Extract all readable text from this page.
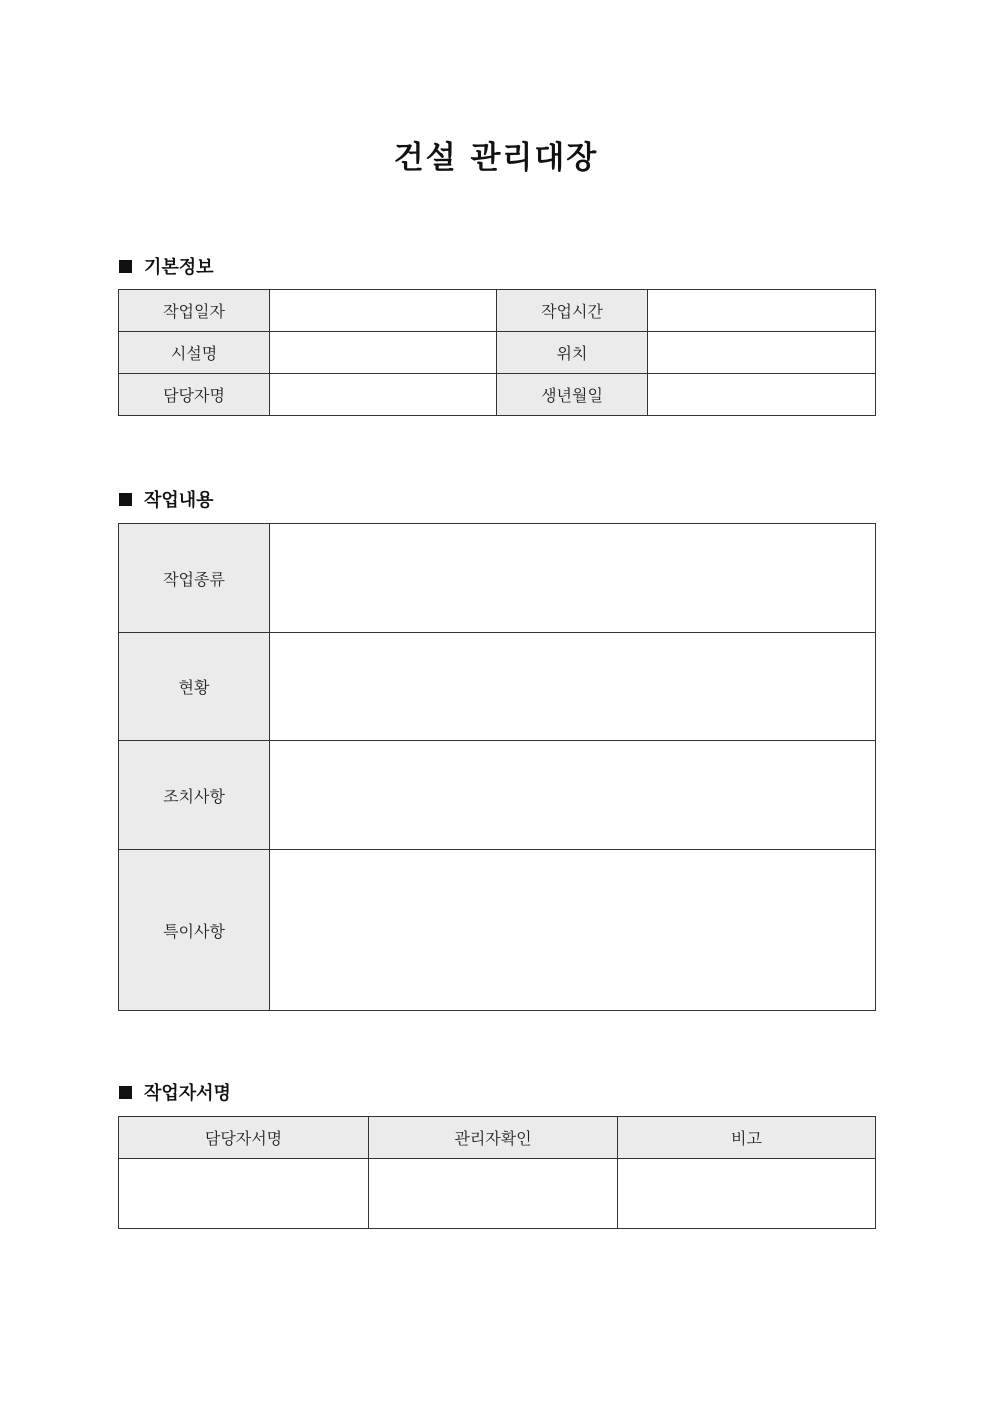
건설 관리대장
기본정보
작업일자		작업시간	
시설명		위치	
담당자명		생년월일	
작업내용
작업종류	
현황	
조치사항	
특이사항	
작업자서명
담당자서명	관리자확인	비고
